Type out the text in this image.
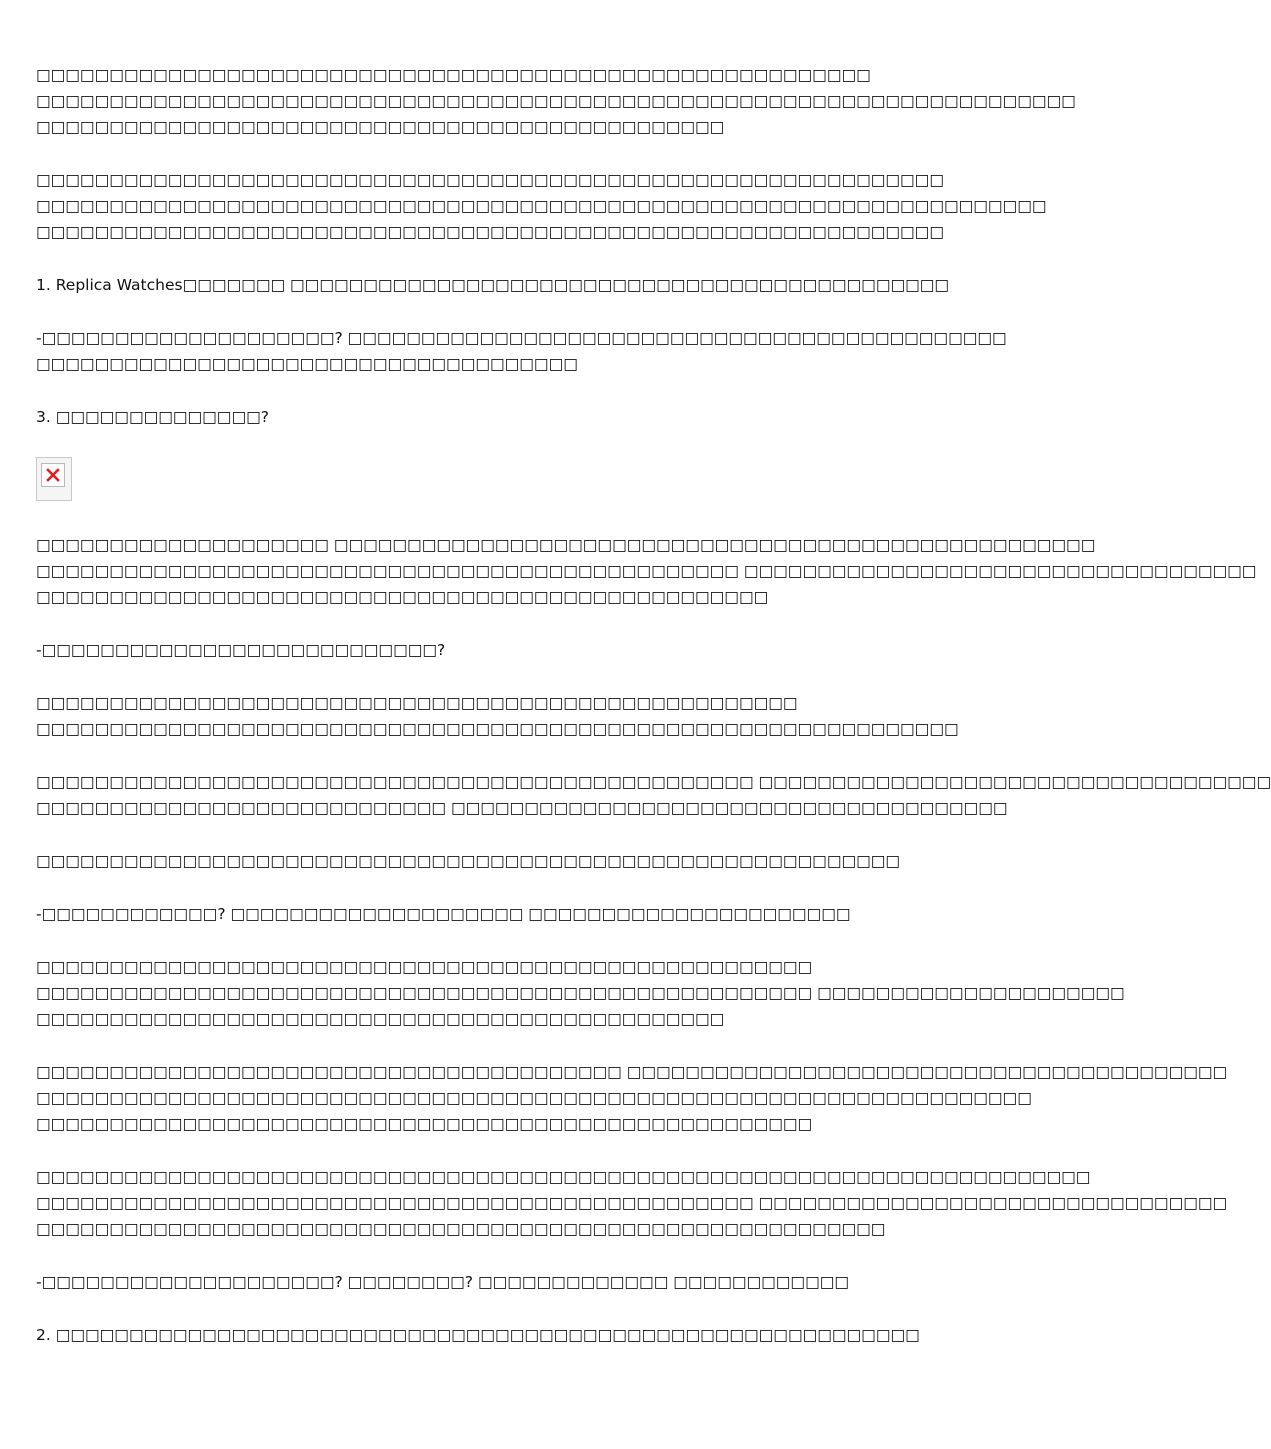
□□□□□□□□□□□□□□□□□□□□□□□□□□□□□□□□□□□□□□□□□□□□□□□□□□□□□□□□□
□□□□□□□□□□□□□□□□□□□□□□□□□□□□□□□□□□□□□□□□□□□□□□□□□□□□□□□□□□□□□□□□□□□□□□□
□□□□□□□□□□□□□□□□□□□□□□□□□□□□□□□□□□□□□□□□□□□□□□□
□□□□□□□□□□□□□□□□□□□□□□□□□□□□□□□□□□□□□□□□□□□□□□□□□□□□□□□□□□□□□□
□□□□□□□□□□□□□□□□□□□□□□□□□□□□□□□□□□□□□□□□□□□□□□□□□□□□□□□□□□□□□□□□□□□□□
□□□□□□□□□□□□□□□□□□□□□□□□□□□□□□□□□□□□□□□□□□□□□□□□□□□□□□□□□□□□□□
1. Replica Watches□□□□□□□ □□□□□□□□□□□□□□□□□□□□□□□□□□□□□□□□□□□□□□□□□□□□□
-□□□□□□□□□□□□□□□□□□□□? □□□□□□□□□□□□□□□□□□□□□□□□□□□□□□□□□□□□□□□□□□□□□
□□□□□□□□□□□□□□□□□□□□□□□□□□□□□□□□□□□□□
3. □□□□□□□□□□□□□□?
□□□□□□□□□□□□□□□□□□□□ □□□□□□□□□□□□□□□□□□□□□□□□□□□□□□□□□□□□□□□□□□□□□□□□□□□□
□□□□□□□□□□□□□□□□□□□□□□□□□□□□□□□□□□□□□□□□□□□□□□□□ □□□□□□□□□□□□□□□□□□□□□□□□□□□□□□□□□□□
□□□□□□□□□□□□□□□□□□□□□□□□□□□□□□□□□□□□□□□□□□□□□□□□□□
-□□□□□□□□□□□□□□□□□□□□□□□□□□□?
□□□□□□□□□□□□□□□□□□□□□□□□□□□□□□□□□□□□□□□□□□□□□□□□□□□□
□□□□□□□□□□□□□□□□□□□□□□□□□□□□□□□□□□□□□□□□□□□□□□□□□□□□□□□□□□□□□□□
□□□□□□□□□□□□□□□□□□□□□□□□□□□□□□□□□□□□□□□□□□□□□□□□□ □□□□□□□□□□□□□□□□□□□□□□□□□□□□□□□□□□□
□□□□□□□□□□□□□□□□□□□□□□□□□□□□ □□□□□□□□□□□□□□□□□□□□□□□□□□□□□□□□□□□□□□
□□□□□□□□□□□□□□□□□□□□□□□□□□□□□□□□□□□□□□□□□□□□□□□□□□□□□□□□□□□
-□□□□□□□□□□□□? □□□□□□□□□□□□□□□□□□□□ □□□□□□□□□□□□□□□□□□□□□□
□□□□□□□□□□□□□□□□□□□□□□□□□□□□□□□□□□□□□□□□□□□□□□□□□□□□□
□□□□□□□□□□□□□□□□□□□□□□□□□□□□□□□□□□□□□□□□□□□□□□□□□□□□□ □□□□□□□□□□□□□□□□□□□□□
□□□□□□□□□□□□□□□□□□□□□□□□□□□□□□□□□□□□□□□□□□□□□□□
□□□□□□□□□□□□□□□□□□□□□□□□□□□□□□□□□□□□□□□□ □□□□□□□□□□□□□□□□□□□□□□□□□□□□□□□□□□□□□□□□□
□□□□□□□□□□□□□□□□□□□□□□□□□□□□□□□□□□□□□□□□□□□□□□□□□□□□□□□□□□□□□□□□□□□□
□□□□□□□□□□□□□□□□□□□□□□□□□□□□□□□□□□□□□□□□□□□□□□□□□□□□□
□□□□□□□□□□□□□□□□□□□□□□□□□□□□□□□□□□□□□□□□□□□□□□□□□□□□□□□□□□□□□□□□□□□□□□□□
□□□□□□□□□□□□□□□□□□□□□□□□□□□□□□□□□□□□□□□□□□□□□□□□□ □□□□□□□□□□□□□□□□□□□□□□□□□□□□□□□□
□□□□□□□□□□□□□□□□□□□□□□□□□□□□□□□□□□□□□□□□□□□□□□□□□□□□□□□□□□
-□□□□□□□□□□□□□□□□□□□□? □□□□□□□□? □□□□□□□□□□□□□ □□□□□□□□□□□□
2. □□□□□□□□□□□□□□□□□□□□□□□□□□□□□□□□□□□□□□□□□□□□□□□□□□□□□□□□□□□
